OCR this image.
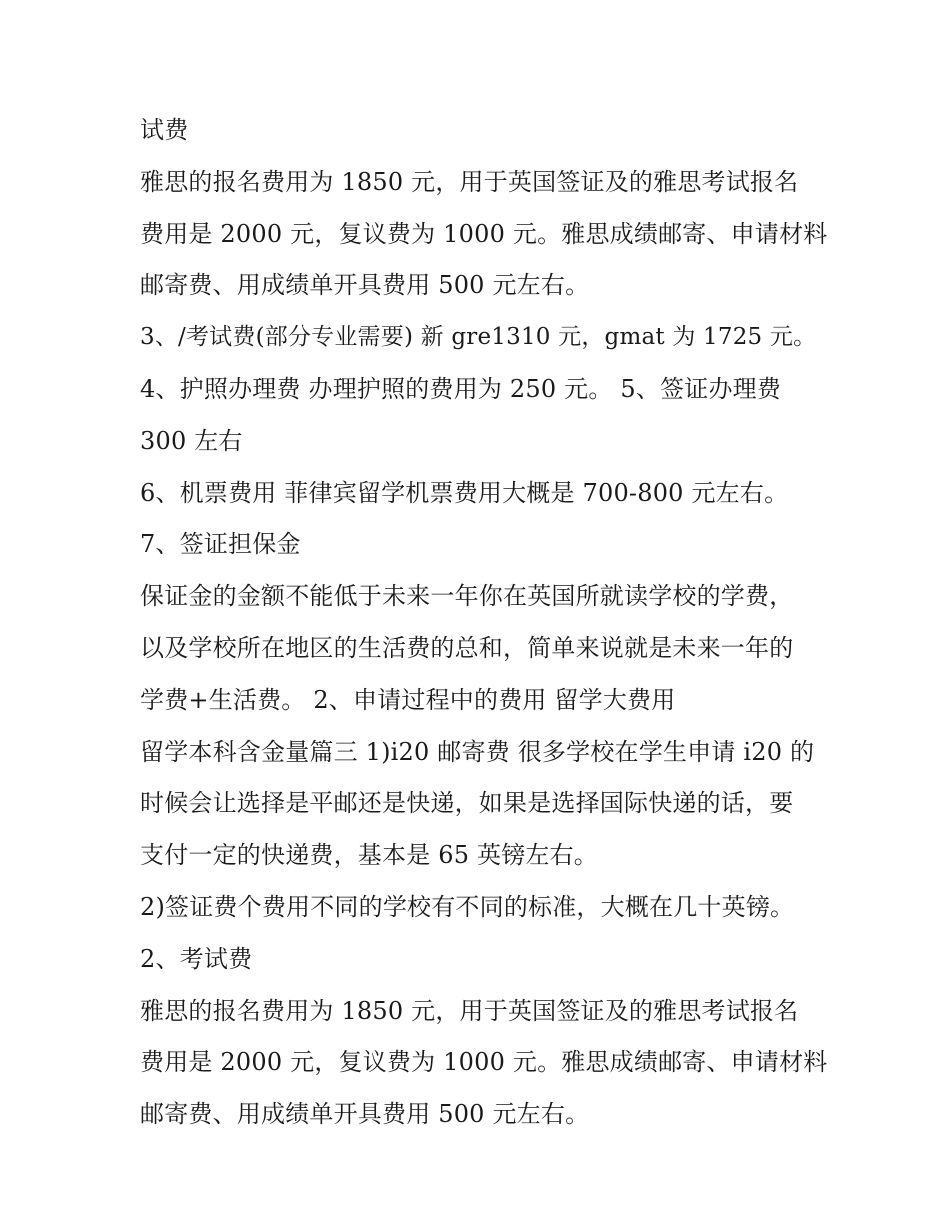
试费
雅思的报名费用为 1850 元，用于英国签证及的雅思考试报名
费用是 2000 元，复议费为 1000 元。雅思成绩邮寄、申请材料
邮寄费、用成绩单开具费用 500 元左右。
3、/考试费(部分专业需要) 新 gre1310 元，gmat 为 1725 元。
4、护照办理费 办理护照的费用为 250 元。 5、签证办理费
300 左右
6、机票费用 菲律宾留学机票费用大概是 700-800 元左右。
7、签证担保金
保证金的金额不能低于未来一年你在英国所就读学校的学费，
以及学校所在地区的生活费的总和，简单来说就是未来一年的
学费+生活费。 2、申请过程中的费用 留学大费用
留学本科含金量篇三 1)i20 邮寄费 很多学校在学生申请 i20 的
时候会让选择是平邮还是快递，如果是选择国际快递的话，要
支付一定的快递费，基本是 65 英镑左右。
2)签证费个费用不同的学校有不同的标准，大概在几十英镑。
2、考试费
雅思的报名费用为 1850 元，用于英国签证及的雅思考试报名
费用是 2000 元，复议费为 1000 元。雅思成绩邮寄、申请材料
邮寄费、用成绩单开具费用 500 元左右。
